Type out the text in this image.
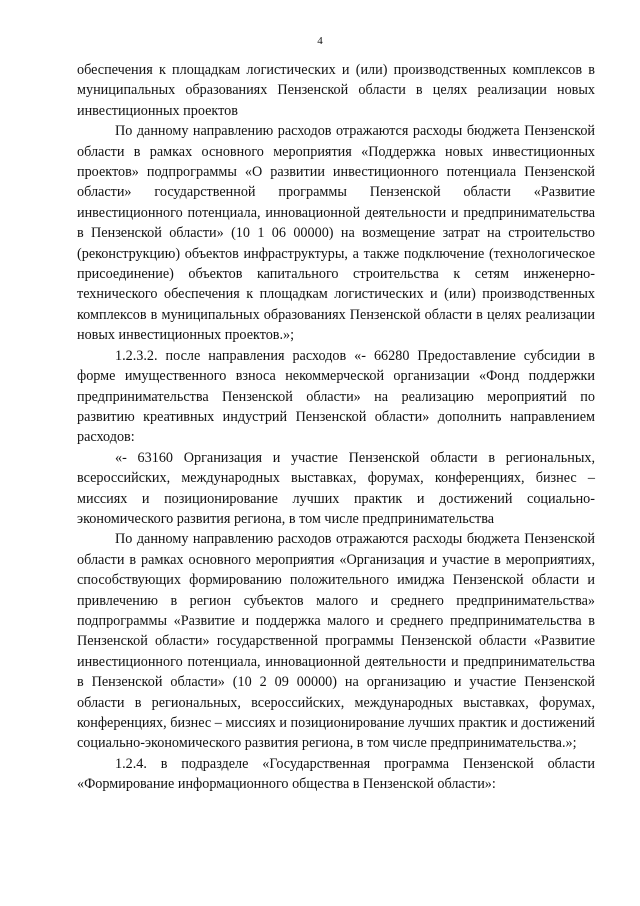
4

обеспечения к площадкам логистических и (или) производственных комплексов в муниципальных образованиях Пензенской области в целях реализации новых инвестиционных проектов

По данному направлению расходов отражаются расходы бюджета Пензенской области в рамках основного мероприятия «Поддержка новых инвестиционных проектов» подпрограммы «О развитии инвестиционного потенциала Пензенской области» государственной программы Пензенской области «Развитие инвестиционного потенциала, инновационной деятельности и предпринимательства в Пензенской области» (10 1 06 00000) на возмещение затрат на строительство (реконструкцию) объектов инфраструктуры, а также подключение (технологическое присоединение) объектов капитального строительства к сетям инженерно-технического обеспечения к площадкам логистических и (или) производственных комплексов в муниципальных образованиях Пензенской области в целях реализации новых инвестиционных проектов.»;

1.2.3.2. после направления расходов «- 66280 Предоставление субсидии в форме имущественного взноса некоммерческой организации «Фонд поддержки предпринимательства Пензенской области» на реализацию мероприятий по развитию креативных индустрий Пензенской области» дополнить направлением расходов:

«- 63160 Организация и участие Пензенской области в региональных, всероссийских, международных выставках, форумах, конференциях, бизнес – миссиях и позиционирование лучших практик и достижений социально-экономического развития региона, в том числе предпринимательства

По данному направлению расходов отражаются расходы бюджета Пензенской области в рамках основного мероприятия «Организация и участие в мероприятиях, способствующих формированию положительного имиджа Пензенской области и привлечению в регион субъектов малого и среднего предпринимательства» подпрограммы «Развитие и поддержка малого и среднего предпринимательства в Пензенской области» государственной программы Пензенской области «Развитие инвестиционного потенциала, инновационной деятельности и предпринимательства в Пензенской области» (10 2 09 00000) на организацию и участие Пензенской области в региональных, всероссийских, международных выставках, форумах, конференциях, бизнес – миссиях и позиционирование лучших практик и достижений социально-экономического развития региона, в том числе предпринимательства.»;

1.2.4. в подразделе «Государственная программа Пензенской области «Формирование информационного общества в Пензенской области»:
